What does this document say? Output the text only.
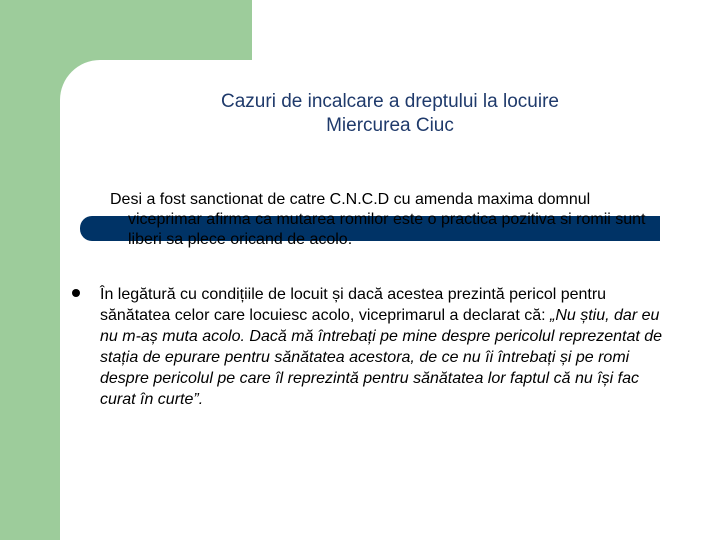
Cazuri de incalcare a dreptului la locuire
Miercurea Ciuc
Desi a fost sanctionat de catre C.N.C.D cu amenda maxima domnul
viceprimar afirma ca mutarea romilor este o practica pozitiva si romii sunt liberi sa plece oricand de acolo.
În legătură cu condițiile de locuit și dacă acestea prezintă pericol pentru sănătatea celor care locuiesc acolo, viceprimarul a declarat că: „Nu știu, dar eu nu m-aș muta acolo. Dacă mă întrebați pe mine despre pericolul reprezentat de stația de epurare pentru sănătatea acestora, de ce nu îi întrebați și pe romi despre pericolul pe care îl reprezintă pentru sănătatea lor faptul că nu își fac curat în curte”.
